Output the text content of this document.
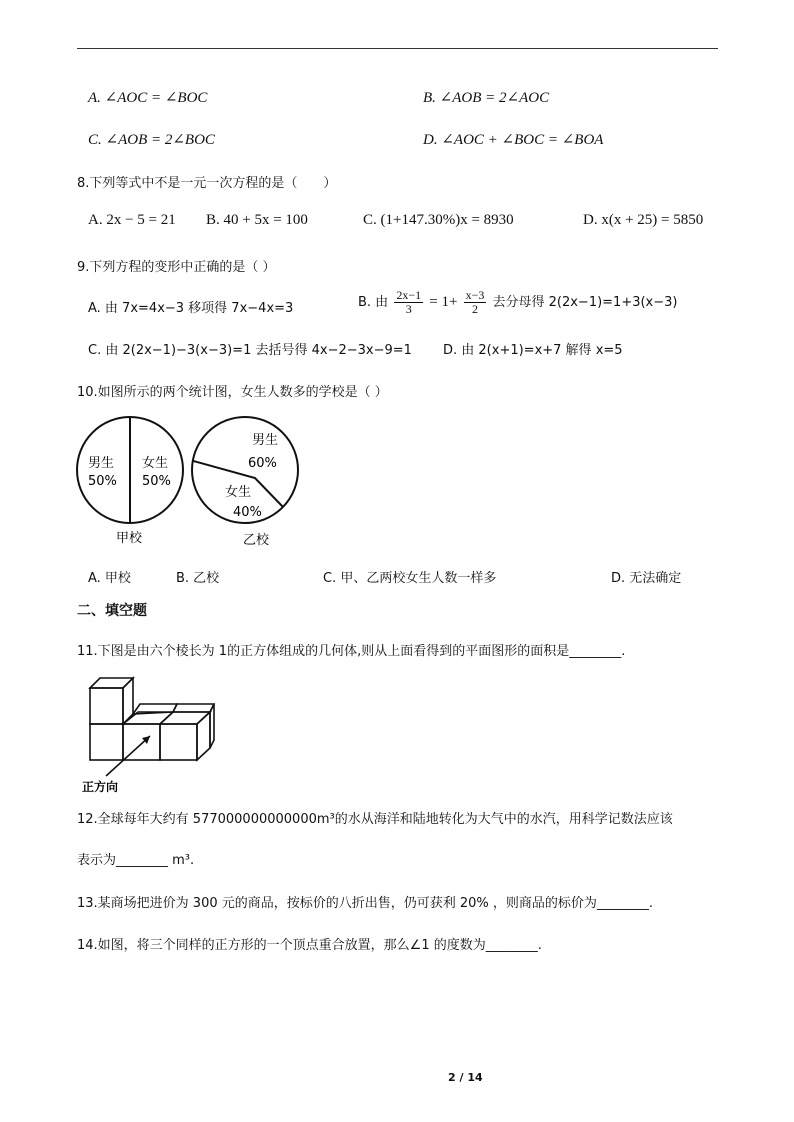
A. ∠AOC = ∠BOC	B. ∠AOB = 2∠AOC
C. ∠AOB = 2∠BOC	D. ∠AOC + ∠BOC = ∠BOA
8.下列等式中不是一元一次方程的是（　　）
A. 2x − 5 = 21 B. 40 + 5x = 100	C. (1+147.30%)x = 8930	D. x(x + 25) = 5850
9.下列方程的变形中正确的是（ ）
A. 由 7x=4x−3 移项得 7x−4x=3	B. 由 $\frac{2x-1}{3} = 1+ \frac{x-3}{2}$ 去分母得 2(2x−1)=1+3(x−3)
C. 由 2(2x−1)−3(x−3)=1 去括号得 4x−2−3x−9=1 D. 由 2(x+1)=x+7 解得 x=5
10.如图所示的两个统计图，女生人数多的学校是（ ）
男生
50%
女生
50%
甲校
男生
60%
女生
40%
乙校
A. 甲校	B. 乙校	C. 甲、乙两校女生人数一样多	D. 无法确定
二、填空题
11.下图是由六个棱长为 1的正方体组成的几何体,则从上面看得到的平面图形的面积是________.
正方向
12.全球每年大约有 577000000000000m³的水从海洋和陆地转化为大气中的水汽，用科学记数法应该
表示为________ m³.
13.某商场把进价为 300 元的商品，按标价的八折出售，仍可获利 20% ，则商品的标价为________.
14.如图，将三个同样的正方形的一个顶点重合放置，那么∠1 的度数为________.
2 / 14
